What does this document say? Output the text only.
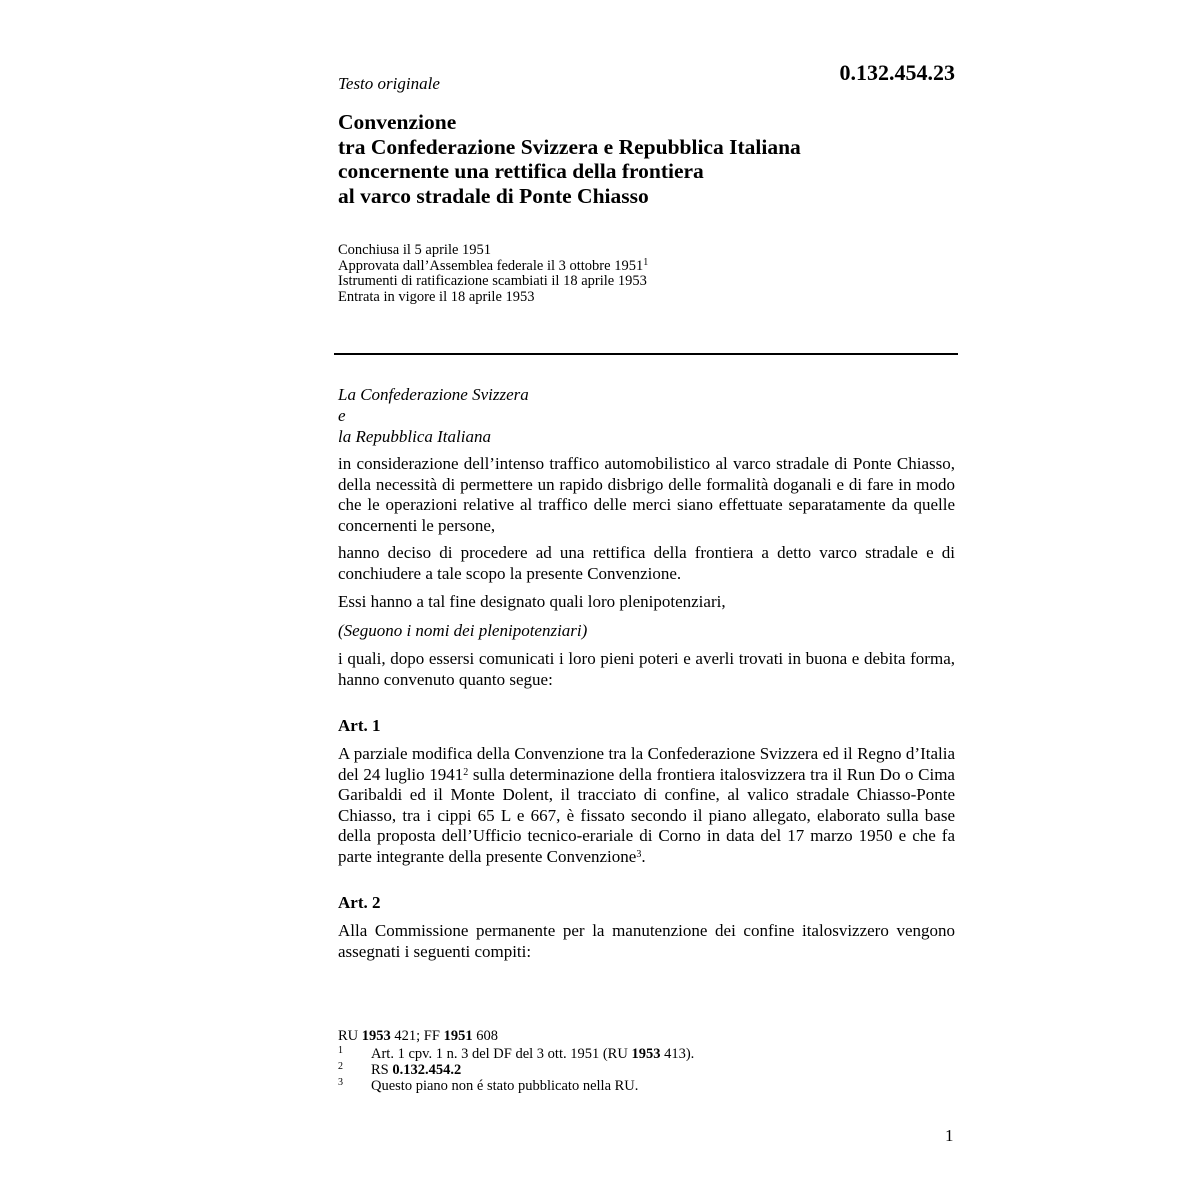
Testo originale	0.132.454.23
Convenzione
tra Confederazione Svizzera e Repubblica Italiana
concernente una rettifica della frontiera
al varco stradale di Ponte Chiasso
Conchiusa il 5 aprile 1951
Approvata dall’Assemblea federale il 3 ottobre 1951$^1$
Istrumenti di ratificazione scambiati il 18 aprile 1953
Entrata in vigore il 18 aprile 1953
La Confederazione Svizzera
e
la Repubblica Italiana
in considerazione dell’intenso traffico automobilistico al varco stradale di Ponte Chiasso, della necessità di permettere un rapido disbrigo delle formalità doganali e di fare in modo che le operazioni relative al traffico delle merci siano effettuate separatamente da quelle concernenti le persone,
hanno deciso di procedere ad una rettifica della frontiera a detto varco stradale e di conchiudere a tale scopo la presente Convenzione.
Essi hanno a tal fine designato quali loro plenipotenziari,
(Seguono i nomi dei plenipotenziari)
i quali, dopo essersi comunicati i loro pieni poteri e averli trovati in buona e debita forma, hanno convenuto quanto segue:
Art. 1
A parziale modifica della Convenzione tra la Confederazione Svizzera ed il Regno d’Italia del 24 luglio 1941$^2$ sulla determinazione della frontiera italosvizzera tra il Run Do o Cima Garibaldi ed il Monte Dolent, il tracciato di confine, al valico stradale Chiasso-Ponte Chiasso, tra i cippi 65 L e 667, è fissato secondo il piano allegato, elaborato sulla base della proposta dell’Ufficio tecnico-erariale di Corno in data del 17 marzo 1950 e che fa parte integrante della presente Convenzione$^3$.
Art. 2
Alla Commissione permanente per la manutenzione dei confine italosvizzero vengono assegnati i seguenti compiti:
RU 1953 421; FF 1951 608
1 Art. 1 cpv. 1 n. 3 del DF del 3 ott. 1951 (RU 1953 413).
2 RS 0.132.454.2
3 Questo piano non é stato pubblicato nella RU.
1
